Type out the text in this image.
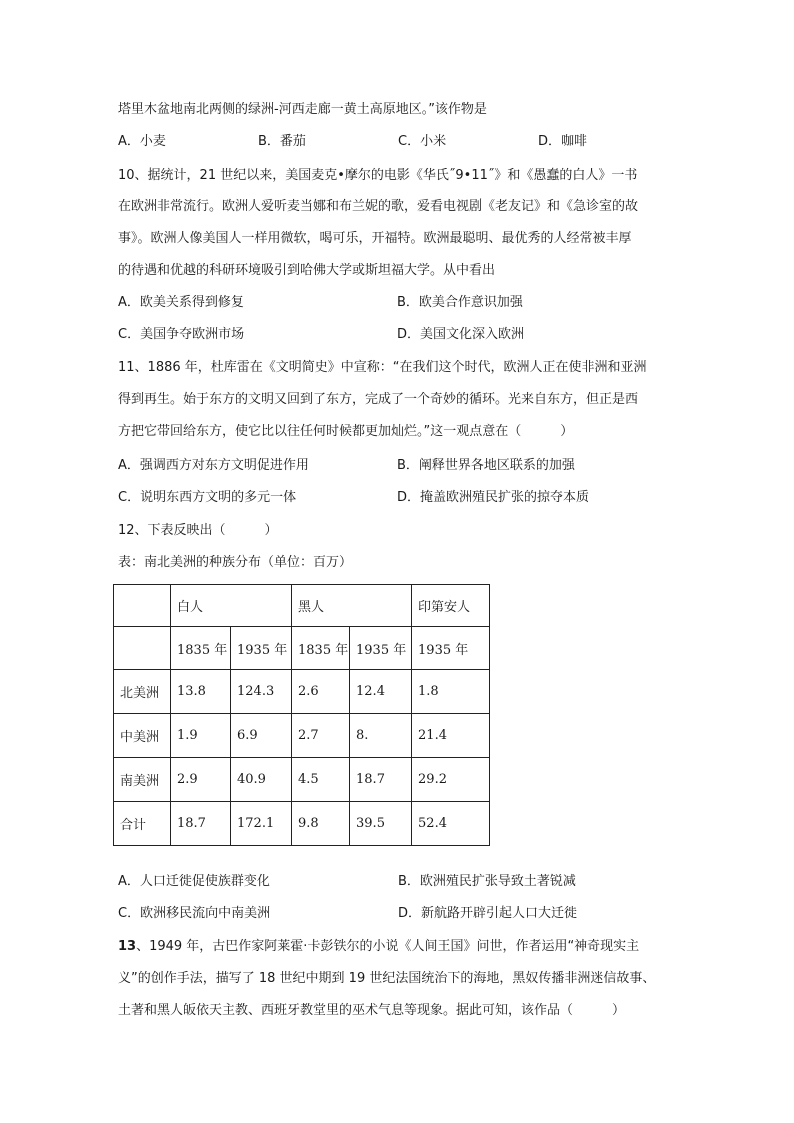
塔里木盆地南北两侧的绿洲-河西走廊一黄土高原地区。”该作物是
A．小麦	B．番茄	C．小米	D．咖啡
10、据统计，21 世纪以来，美国麦克•摩尔的电影《华氏˝9•11˝》和《愚蠢的白人》一书
在欧洲非常流行。欧洲人爱听麦当娜和布兰妮的歌，爱看电视剧《老友记》和《急诊室的故
事》。欧洲人像美国人一样用微软，喝可乐，开福特。欧洲最聪明、最优秀的人经常被丰厚
的待遇和优越的科研环境吸引到哈佛大学或斯坦福大学。从中看出
A．欧美关系得到修复	B．欧美合作意识加强
C．美国争夺欧洲市场	D．美国文化深入欧洲
11、1886 年，杜库雷在《文明简史》中宣称：“在我们这个时代，欧洲人正在使非洲和亚洲
得到再生。始于东方的文明又回到了东方，完成了一个奇妙的循环。光来自东方，但正是西
方把它带回给东方，使它比以往任何时候都更加灿烂。”这一观点意在（　　　）
A．强调西方对东方文明促进作用	B．阐释世界各地区联系的加强
C．说明东西方文明的多元一体	D．掩盖欧洲殖民扩张的掠夺本质
12、下表反映出（　　　）
表：南北美洲的种族分布（单位：百万）
	白人		黑人		印第安人
	1835 年	1935 年	1835 年	1935 年	1935 年
北美洲	13.8	124.3	2.6	12.4	1.8
中美洲	1.9	6.9	2.7	8.	21.4
南美洲	2.9	40.9	4.5	18.7	29.2
合计	18.7	172.1	9.8	39.5	52.4
A．人口迁徙促使族群变化	B．欧洲殖民扩张导致土著锐减
C．欧洲移民流向中南美洲	D．新航路开辟引起人口大迁徙
13、1949 年，古巴作家阿莱霍·卡彭铁尔的小说《人间王国》问世，作者运用“神奇现实主
义”的创作手法，描写了 18 世纪中期到 19 世纪法国统治下的海地，黑奴传播非洲迷信故事、
土著和黑人皈依天主教、西班牙教堂里的巫术气息等现象。据此可知，该作品（　　　）
